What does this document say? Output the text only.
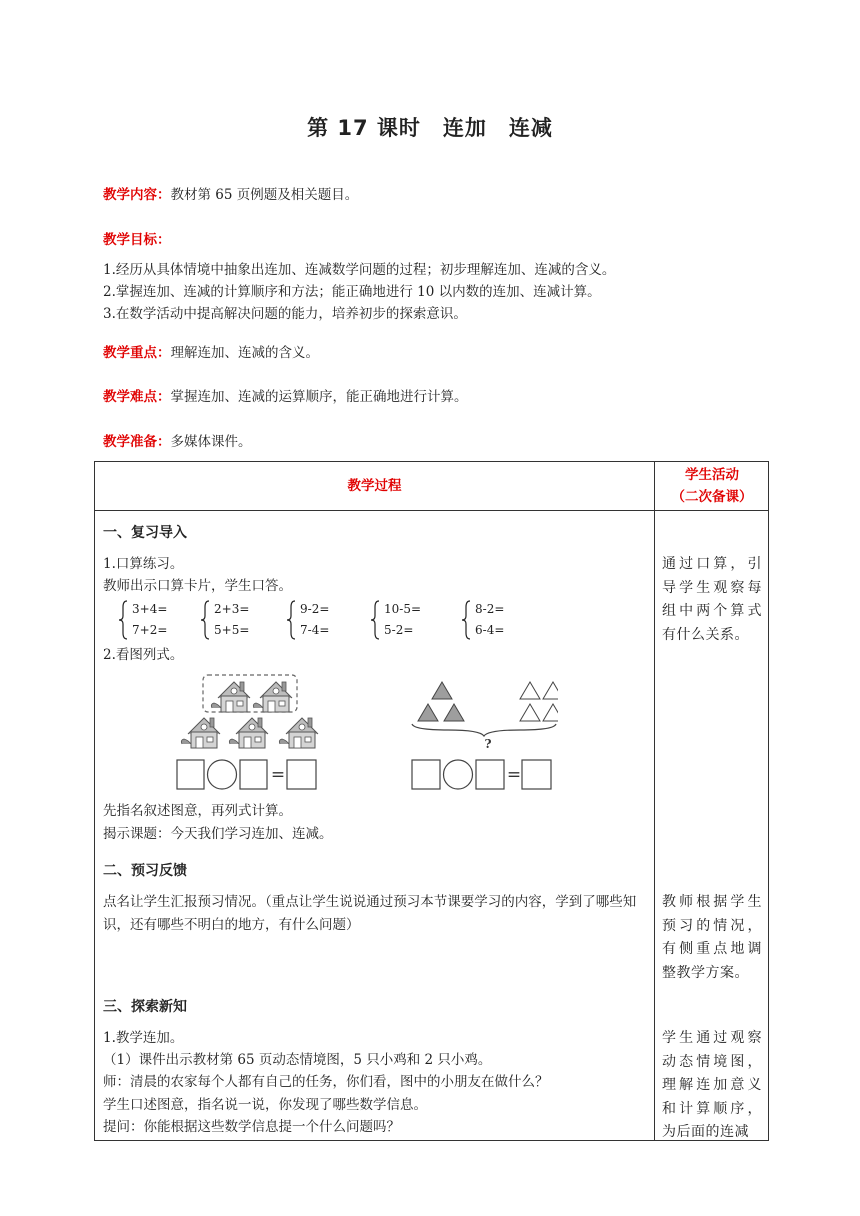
第 17 课时　连加　连减
教学内容：教材第 65 页例题及相关题目。
教学目标：
1.经历从具体情境中抽象出连加、连减数学问题的过程；初步理解连加、连减的含义。
2.掌握连加、连减的计算顺序和方法；能正确地进行 10 以内数的连加、连减计算。
3.在数学活动中提高解决问题的能力，培养初步的探索意识。
教学重点：理解连加、连减的含义。
教学难点：掌握连加、连减的运算顺序，能正确地进行计算。
教学准备：多媒体课件。
教学过程
学生活动
（二次备课）
一、复习导入
1.口算练习。
教师出示口算卡片，学生口答。
3+4=
7+2=
2+3=
5+5=
9-2=
7-4=
10-5=
5-2=
8-2=
6-4=
2.看图列式。
=
?
=
先指名叙述图意，再列式计算。
揭示课题：今天我们学习连加、连减。
通过口算，引导学生观察每组中两个算式有什么关系。
二、预习反馈
点名让学生汇报预习情况。（重点让学生说说通过预习本节课要学习的内容，学到了哪些知识，还有哪些不明白的地方，有什么问题）
教师根据学生预习的情况，有侧重点地调整教学方案。
三、探索新知
1.教学连加。
（1）课件出示教材第 65 页动态情境图，5 只小鸡和 2 只小鸡。
师：清晨的农家每个人都有自己的任务，你们看，图中的小朋友在做什么？
学生口述图意，指名说一说，你发现了哪些数学信息。
提问：你能根据这些数学信息提一个什么问题吗？
学生通过观察动态情境图，理解连加意义和计算顺序，为后面的连减
